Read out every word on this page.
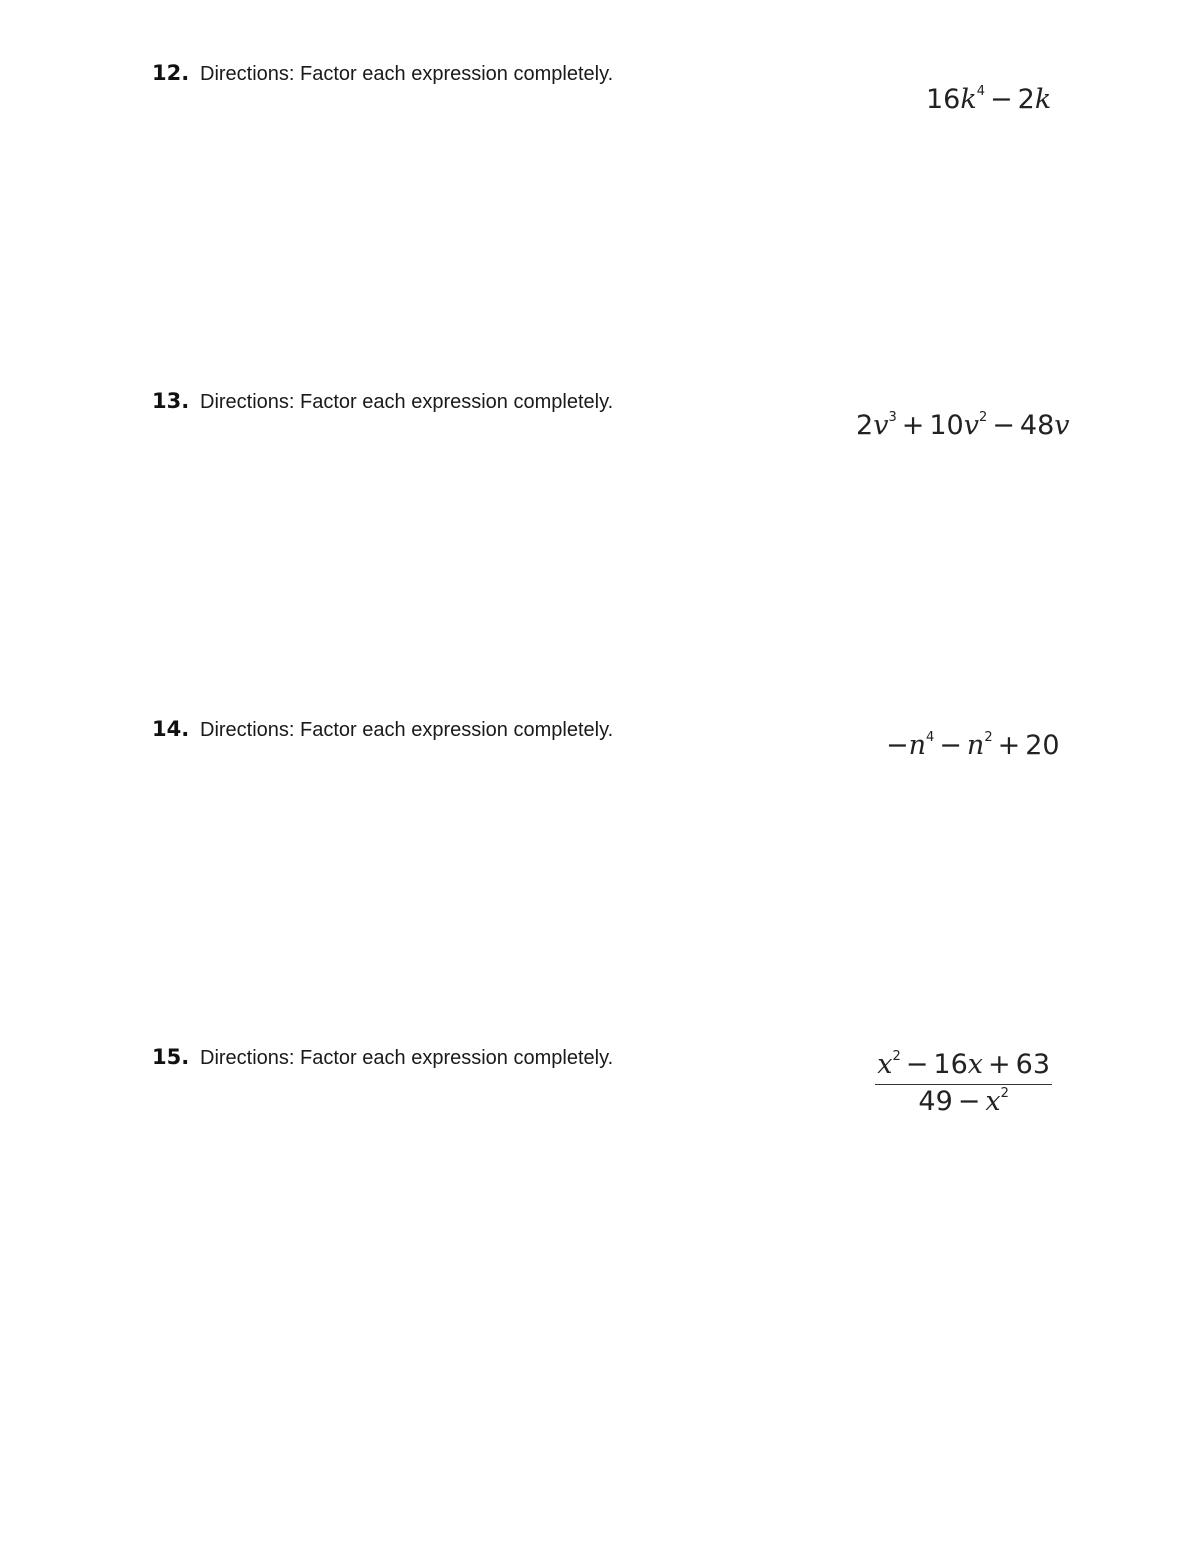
12. Directions: Factor each expression completely.
$16k^4 - 2k$
13. Directions: Factor each expression completely.
$2v^3 + 10v^2 - 48v$
14. Directions: Factor each expression completely.	$-n^4 - n^2 + 20$
15. Directions: Factor each expression completely.	$\frac{x^2 - 16x + 63}{49 - x^2}$
